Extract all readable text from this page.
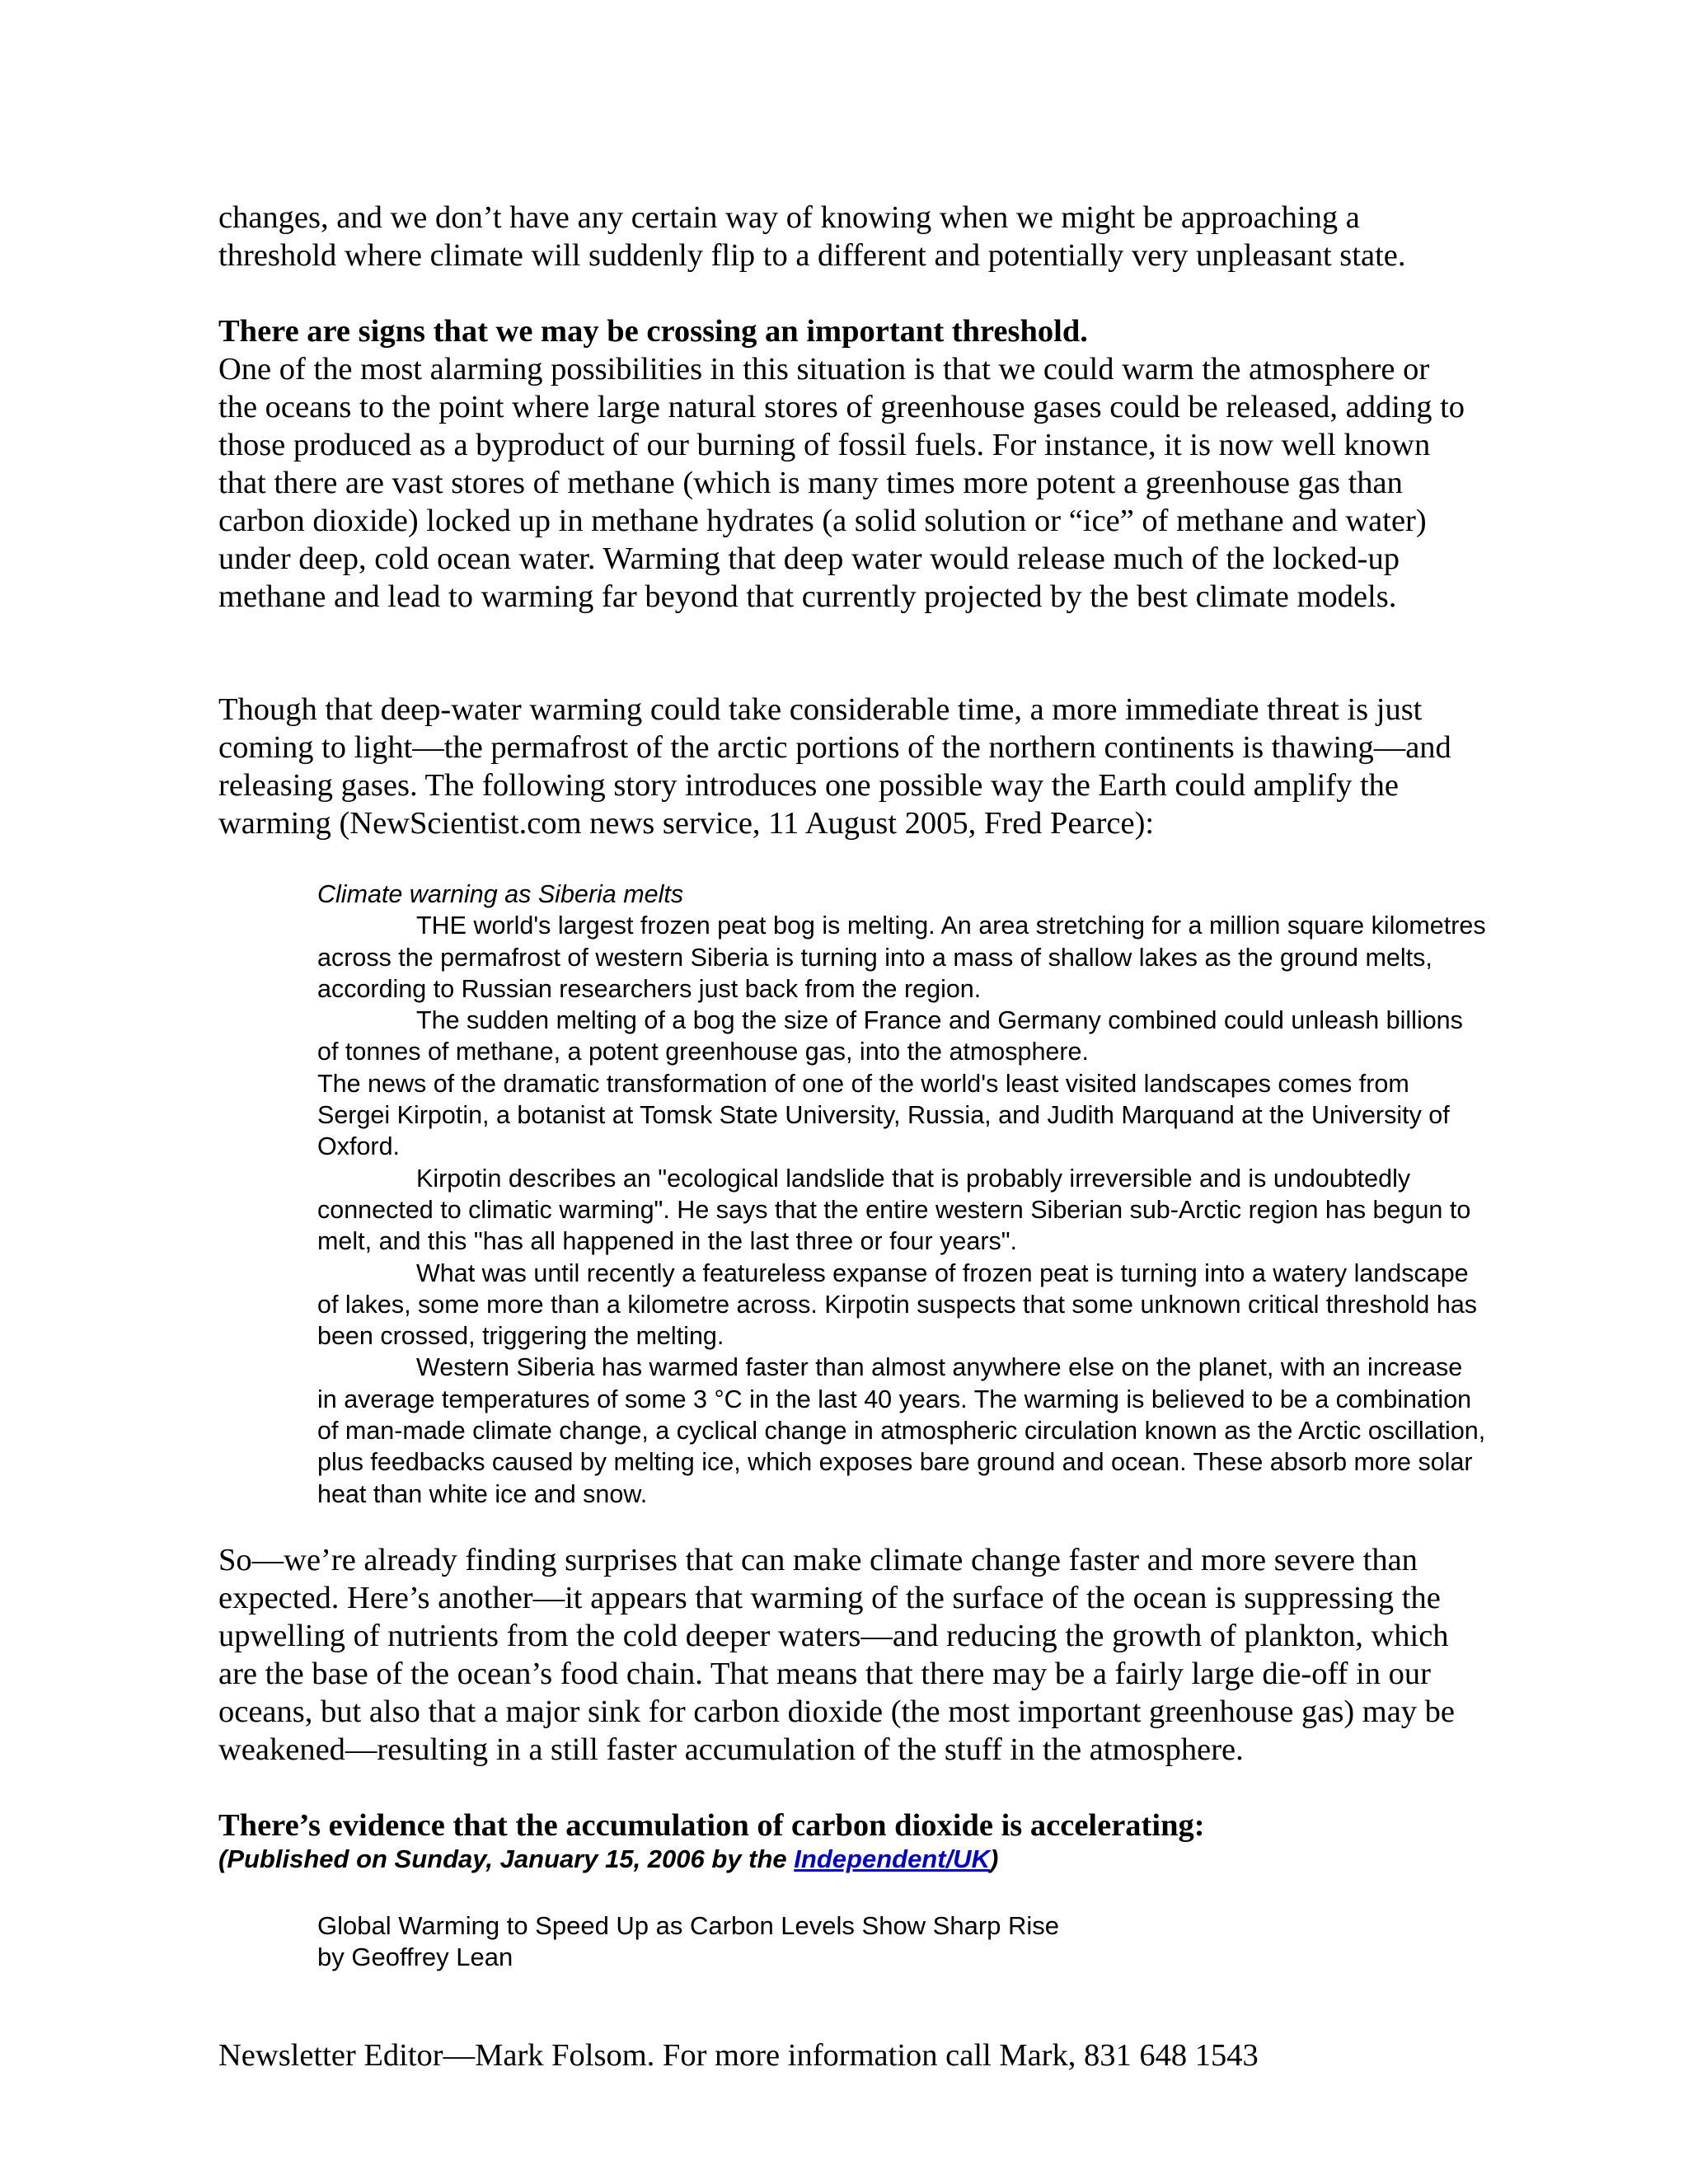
changes, and we don’t have any certain way of knowing when we might be approaching a threshold where climate will suddenly flip to a different and potentially very unpleasant state.

There are signs that we may be crossing an important threshold.

One of the most alarming possibilities in this situation is that we could warm the atmosphere or the oceans to the point where large natural stores of greenhouse gases could be released, adding to those produced as a byproduct of our burning of fossil fuels. For instance, it is now well known that there are vast stores of methane (which is many times more potent a greenhouse gas than carbon dioxide) locked up in methane hydrates (a solid solution or “ice” of methane and water) under deep, cold ocean water. Warming that deep water would release much of the locked-up methane and lead to warming far beyond that currently projected by the best climate models.

Though that deep-water warming could take considerable time, a more immediate threat is just coming to light—the permafrost of the arctic portions of the northern continents is thawing—and releasing gases. The following story introduces one possible way the Earth could amplify the warming (NewScientist.com news service, 11 August 2005, Fred Pearce):

Climate warning as Siberia melts

THE world's largest frozen peat bog is melting. An area stretching for a million square kilometres across the permafrost of western Siberia is turning into a mass of shallow lakes as the ground melts, according to Russian researchers just back from the region.

The sudden melting of a bog the size of France and Germany combined could unleash billions of tonnes of methane, a potent greenhouse gas, into the atmosphere.

The news of the dramatic transformation of one of the world's least visited landscapes comes from Sergei Kirpotin, a botanist at Tomsk State University, Russia, and Judith Marquand at the University of Oxford.

Kirpotin describes an "ecological landslide that is probably irreversible and is undoubtedly connected to climatic warming". He says that the entire western Siberian sub-Arctic region has begun to melt, and this "has all happened in the last three or four years".

What was until recently a featureless expanse of frozen peat is turning into a watery landscape of lakes, some more than a kilometre across. Kirpotin suspects that some unknown critical threshold has been crossed, triggering the melting.

Western Siberia has warmed faster than almost anywhere else on the planet, with an increase in average temperatures of some 3 °C in the last 40 years. The warming is believed to be a combination of man-made climate change, a cyclical change in atmospheric circulation known as the Arctic oscillation, plus feedbacks caused by melting ice, which exposes bare ground and ocean. These absorb more solar heat than white ice and snow.

So—we’re already finding surprises that can make climate change faster and more severe than expected. Here’s another—it appears that warming of the surface of the ocean is suppressing the upwelling of nutrients from the cold deeper waters—and reducing the growth of plankton, which are the base of the ocean’s food chain. That means that there may be a fairly large die-off in our oceans, but also that a major sink for carbon dioxide (the most important greenhouse gas) may be weakened—resulting in a still faster accumulation of the stuff in the atmosphere.

There’s evidence that the accumulation of carbon dioxide is accelerating:

(Published on Sunday, January 15, 2006 by the Independent/UK)

Global Warming to Speed Up as Carbon Levels Show Sharp Rise

by Geoffrey Lean

Newsletter Editor—Mark Folsom. For more information call Mark, 831 648 1543
